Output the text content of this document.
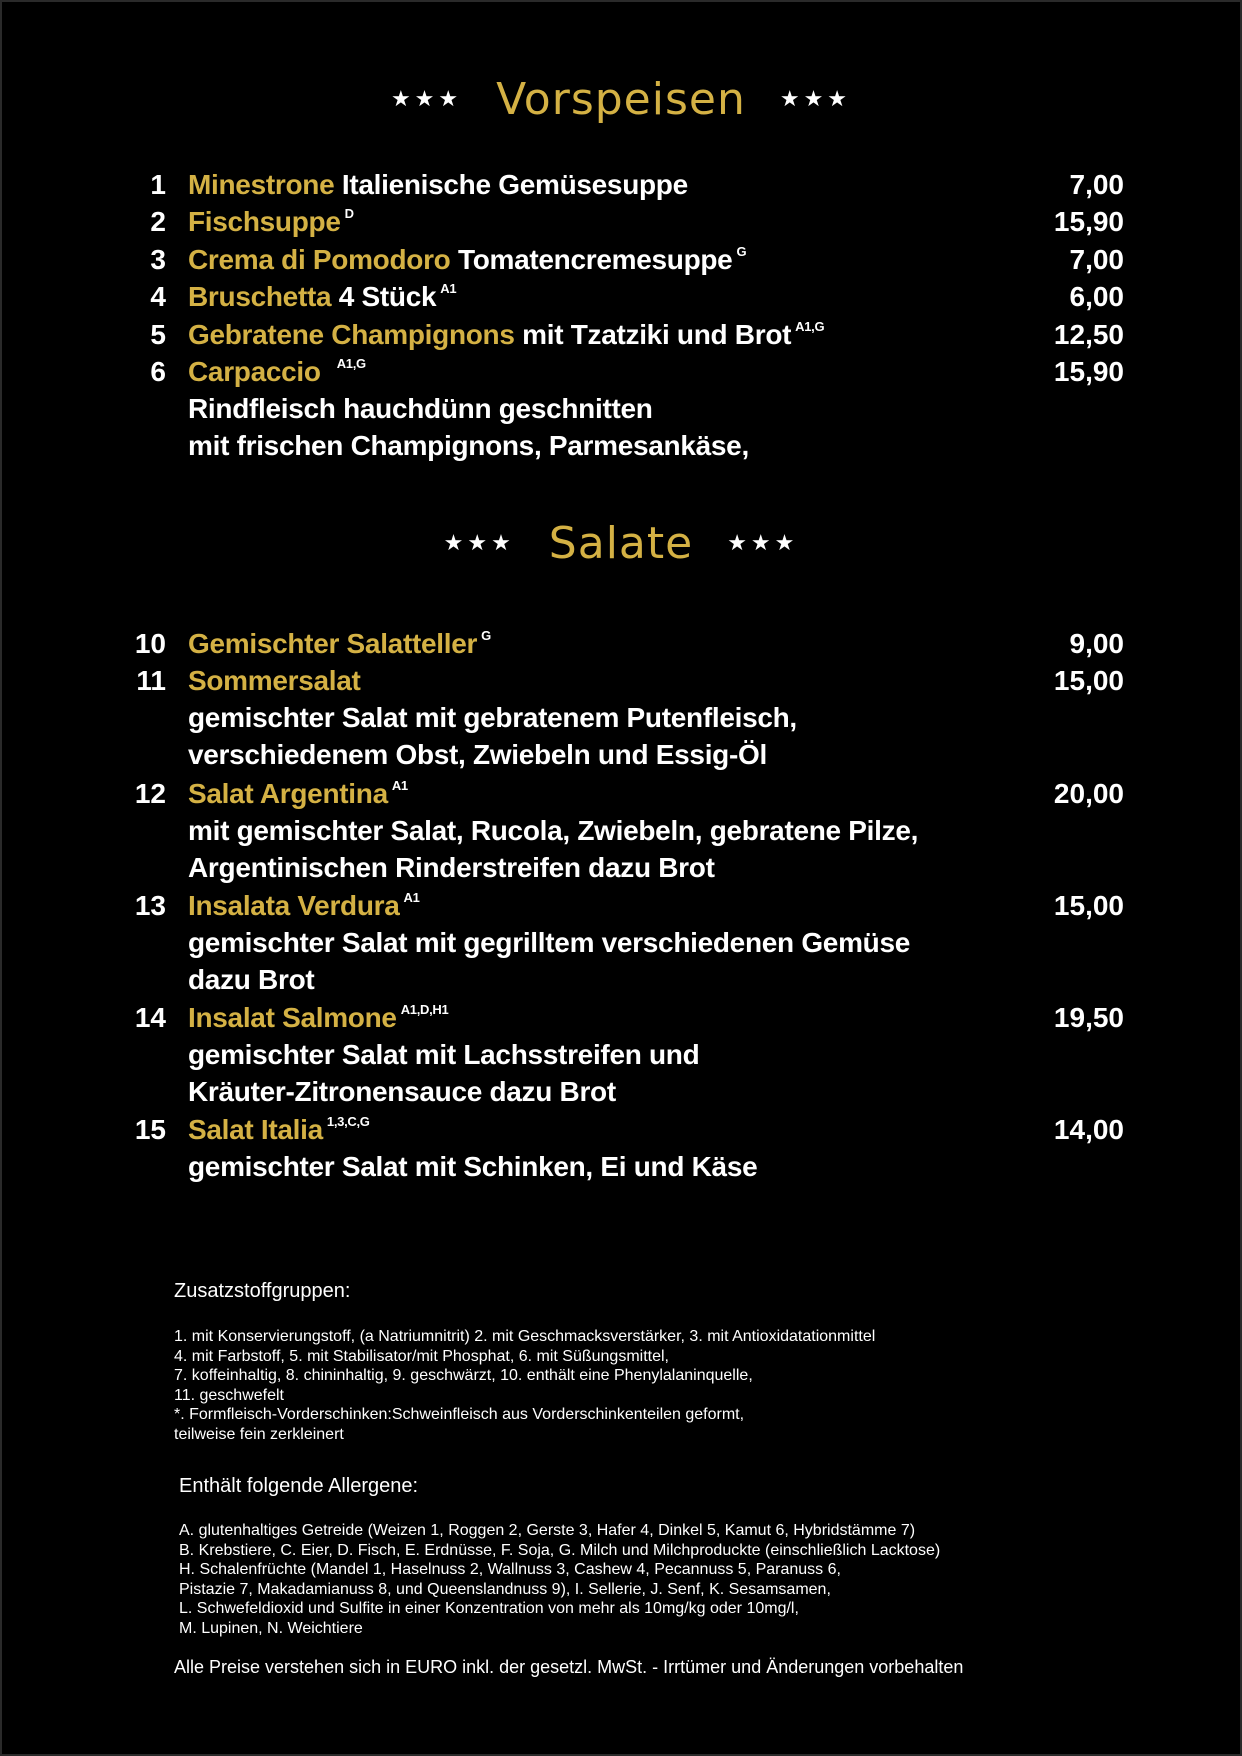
★★★ Vorspeisen ★★★
1 Minestrone Italienische Gemüsesuppe	7,00
2 Fischsuppe $^D$	15,90
3 Crema di Pomodoro Tomatencremesuppe $^G$	7,00
4 Bruschetta 4 Stück $^{A1}$	6,00
5 Gebratene Champignons mit Tzatziki und Brot $^{A1,G}$	12,50
6 Carpaccio $^{A1,G}$	15,90
Rindfleisch hauchdünn geschnitten
mit frischen Champignons, Parmesankäse,
★★★ Salate ★★★
10 Gemischter Salatteller $^G$	9,00
11 Sommersalat	15,00
gemischter Salat mit gebratenem Putenfleisch,
verschiedenem Obst, Zwiebeln und Essig-Öl
12 Salat Argentina $^{A1}$	20,00
mit gemischter Salat, Rucola, Zwiebeln, gebratene Pilze,
Argentinischen Rinderstreifen dazu Brot
13 Insalata Verdura $^{A1}$	15,00
gemischter Salat mit gegrilltem verschiedenen Gemüse
dazu Brot
14 Insalat Salmone $^{A1,D,H1}$	19,50
gemischter Salat mit Lachsstreifen und
Kräuter-Zitronensauce dazu Brot
15 Salat Italia $^{1,3,C,G}$	14,00
gemischter Salat mit Schinken, Ei und Käse
Zusatzstoffgruppen:
1. mit Konservierungstoff, (a Natriumnitrit) 2. mit Geschmacksverstärker, 3. mit Antioxidatationmittel
4. mit Farbstoff, 5. mit Stabilisator/mit Phosphat, 6. mit Süßungsmittel,
7. koffeinhaltig, 8. chininhaltig, 9. geschwärzt, 10. enthält eine Phenylalaninquelle,
11. geschwefelt
*. Formfleisch-Vorderschinken:Schweinfleisch aus Vorderschinkenteilen geformt,
teilweise fein zerkleinert
Enthält folgende Allergene:
A. glutenhaltiges Getreide (Weizen 1, Roggen 2, Gerste 3, Hafer 4, Dinkel 5, Kamut 6, Hybridstämme 7)
B. Krebstiere, C. Eier, D. Fisch, E. Erdnüsse, F. Soja, G. Milch und Milchproduckte (einschließlich Lacktose)
H. Schalenfrüchte (Mandel 1, Haselnuss 2, Wallnuss 3, Cashew 4, Pecannuss 5, Paranuss 6,
Pistazie 7, Makadamianuss 8, und Queenslandnuss 9), I. Sellerie, J. Senf, K. Sesamsamen,
L. Schwefeldioxid und Sulfite in einer Konzentration von mehr als 10mg/kg oder 10mg/l,
M. Lupinen, N. Weichtiere
Alle Preise verstehen sich in EURO inkl. der gesetzl. MwSt. - Irrtümer und Änderungen vorbehalten
